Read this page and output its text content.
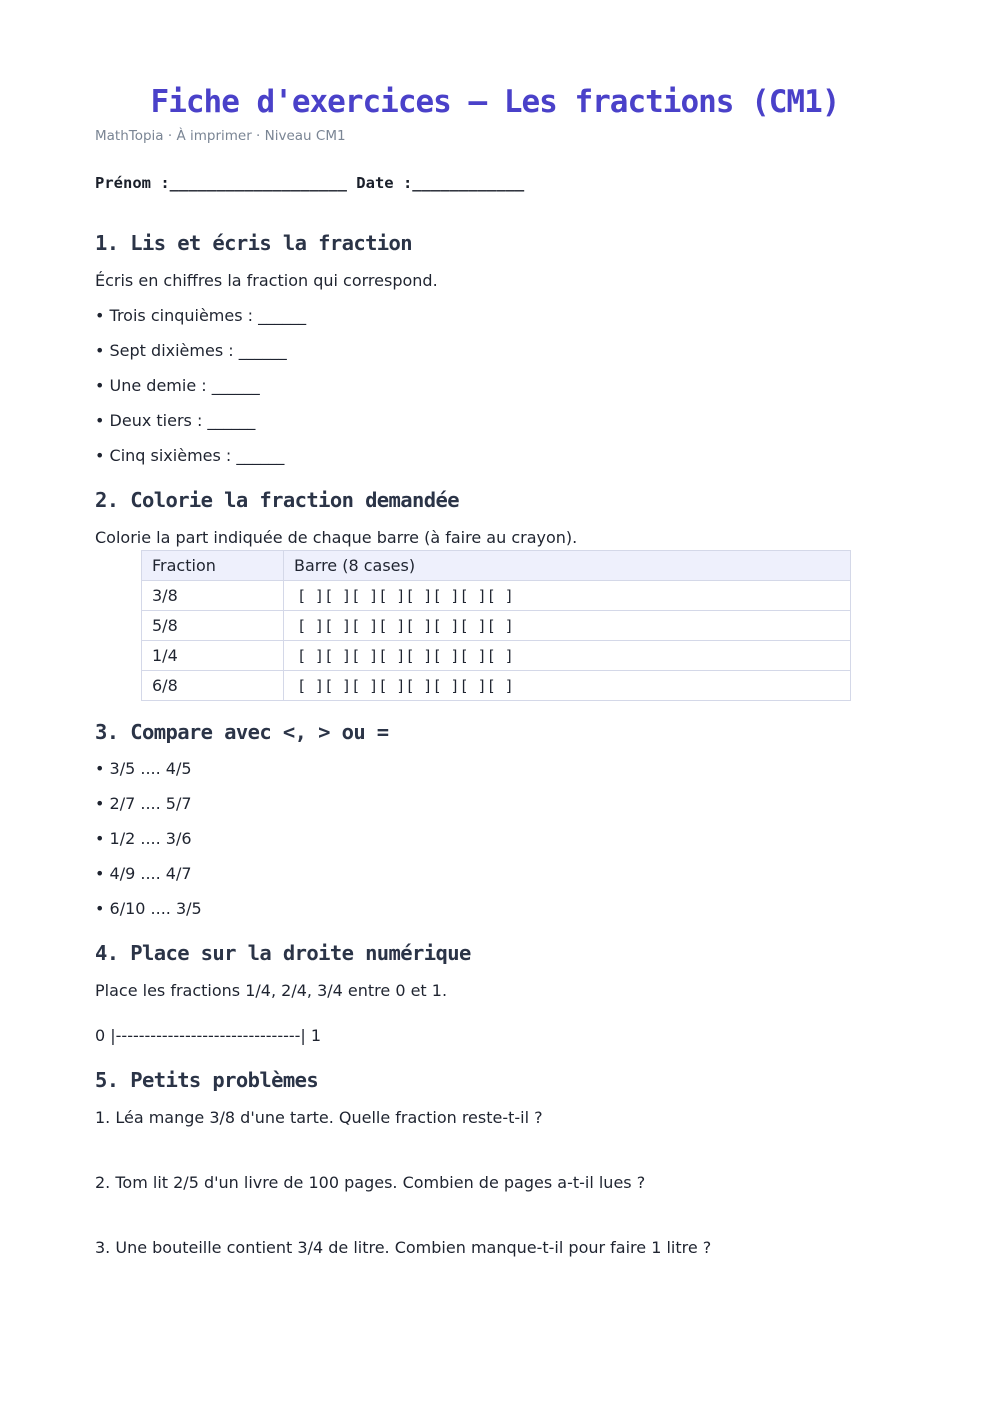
Fiche d'exercices — Les fractions (CM1)
MathTopia · À imprimer · Niveau CM1
Prénom :___________________ Date :____________
1. Lis et écris la fraction
Écris en chiffres la fraction qui correspond.
• Trois cinquièmes : ______
• Sept dixièmes : ______
• Une demie : ______
• Deux tiers : ______
• Cinq sixièmes : ______
2. Colorie la fraction demandée
Colorie la part indiquée de chaque barre (à faire au crayon).
Fraction	Barre (8 cases)
3/8	[ ][ ][ ][ ][ ][ ][ ][ ]
5/8	[ ][ ][ ][ ][ ][ ][ ][ ]
1/4	[ ][ ][ ][ ][ ][ ][ ][ ]
6/8	[ ][ ][ ][ ][ ][ ][ ][ ]
3. Compare avec <, > ou =
• 3/5 .... 4/5
• 2/7 .... 5/7
• 1/2 .... 3/6
• 4/9 .... 4/7
• 6/10 .... 3/5
4. Place sur la droite numérique
Place les fractions 1/4, 2/4, 3/4 entre 0 et 1.
0 |--------------------------------| 1
5. Petits problèmes
1. Léa mange 3/8 d'une tarte. Quelle fraction reste-t-il ?
2. Tom lit 2/5 d'un livre de 100 pages. Combien de pages a-t-il lues ?
3. Une bouteille contient 3/4 de litre. Combien manque-t-il pour faire 1 litre ?
